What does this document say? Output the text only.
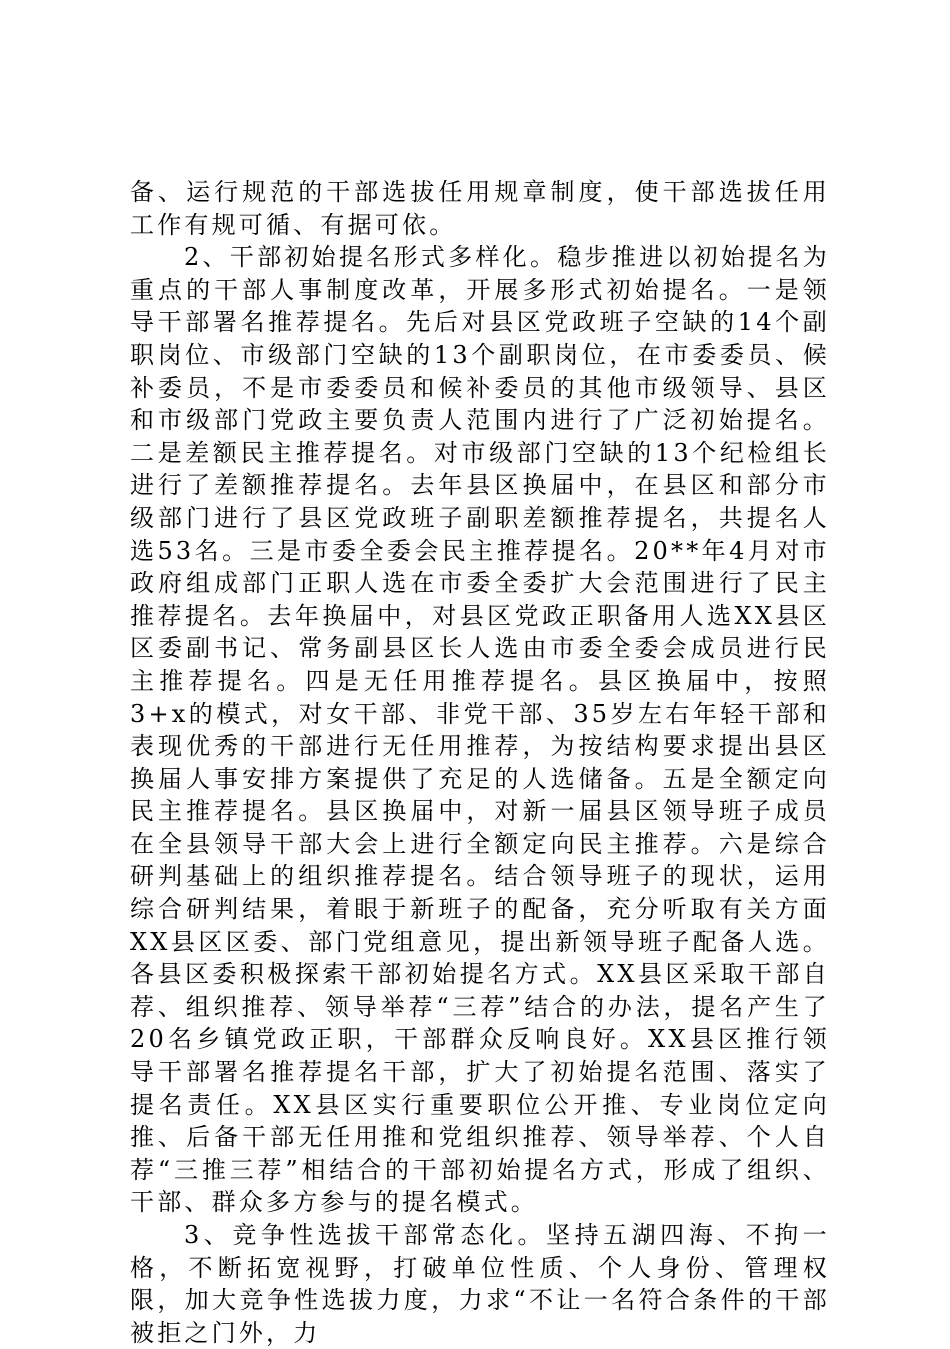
备、运行规范的干部选拔任用规章制度，使干部选拔任用工作有规可循、有据可依。

2、干部初始提名形式多样化。稳步推进以初始提名为重点的干部人事制度改革，开展多形式初始提名。一是领导干部署名推荐提名。先后对县区党政班子空缺的14个副职岗位、市级部门空缺的13个副职岗位，在市委委员、候补委员，不是市委委员和候补委员的其他市级领导、县区和市级部门党政主要负责人范围内进行了广泛初始提名。二是差额民主推荐提名。对市级部门空缺的13个纪检组长进行了差额推荐提名。去年县区换届中，在县区和部分市级部门进行了县区党政班子副职差额推荐提名，共提名人选53名。三是市委全委会民主推荐提名。20**年4月对市政府组成部门正职人选在市委全委扩大会范围进行了民主推荐提名。去年换届中，对县区党政正职备用人选XX县区区委副书记、常务副县区长人选由市委全委会成员进行民主推荐提名。四是无任用推荐提名。县区换届中，按照3+x的模式，对女干部、非党干部、35岁左右年轻干部和表现优秀的干部进行无任用推荐，为按结构要求提出县区换届人事安排方案提供了充足的人选储备。五是全额定向民主推荐提名。县区换届中，对新一届县区领导班子成员在全县领导干部大会上进行全额定向民主推荐。六是综合研判基础上的组织推荐提名。结合领导班子的现状，运用综合研判结果，着眼于新班子的配备，充分听取有关方面XX县区区委、部门党组意见，提出新领导班子配备人选。各县区委积极探索干部初始提名方式。XX县区采取干部自荐、组织推荐、领导举荐“三荐”结合的办法，提名产生了20名乡镇党政正职，干部群众反响良好。XX县区推行领导干部署名推荐提名干部，扩大了初始提名范围、落实了提名责任。XX县区实行重要职位公开推、专业岗位定向推、后备干部无任用推和党组织推荐、领导举荐、个人自荐“三推三荐”相结合的干部初始提名方式，形成了组织、干部、群众多方参与的提名模式。

3、竞争性选拔干部常态化。坚持五湖四海、不拘一格，不断拓宽视野，打破单位性质、个人身份、管理权限，加大竞争性选拔力度，力求“不让一名符合条件的干部被拒之门外，力
